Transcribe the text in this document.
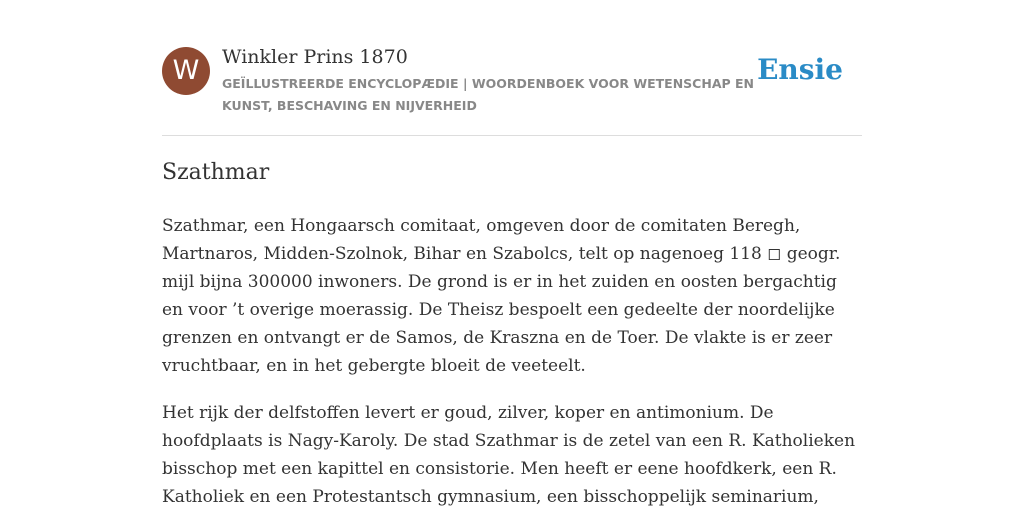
W	Winkler Prins 1870
GEÏLLUSTREERDE ENCYCLOPÆDIE | WOORDENBOEK VOOR WETENSCHAP EN KUNST, BESCHAVING EN NIJVERHEID
Ensie
Szathmar

Szathmar, een Hongaarsch comitaat, omgeven door de comitaten Beregh, Martnaros, Midden-Szolnok, Bihar en Szabolcs, telt op nagenoeg 118 ◻ geogr. mijl bijna 300000 inwoners. De grond is er in het zuiden en oosten bergachtig en voor ’t overige moerassig. De Theisz bespoelt een gedeelte der noordelijke grenzen en ontvangt er de Samos, de Kraszna en de Toer. De vlakte is er zeer vruchtbaar, en in het gebergte bloeit de veeteelt.

Het rijk der delfstoffen levert er goud, zilver, koper en antimonium. De hoofdplaats is Nagy-Karoly. De stad Szathmar is de zetel van een R. Katholieken bisschop met een kapittel en consistorie. Men heeft er eene hoofdkerk, een R. Katholiek en een Protestantsch gymnasium, een bisschoppelijk seminarium,
